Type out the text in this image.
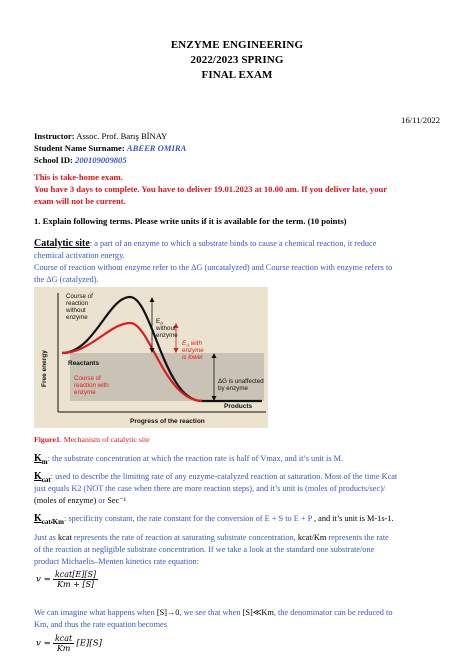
ENZYME ENGINEERING
2022/2023 SPRING
FINAL EXAM
16/11/2022
Instructor: Assoc. Prof. Barış BİNAY
Student Name Surname: ABEER OMIRA
School ID: 200109009805
This is take-home exam.
You have 3 days to complete. You have to deliver 19.01.2023 at 10.00 am. If you deliver late, your
exam will not be current.
1. Explain following terms. Please write units if it is available for the term. (10 points)
Catalytic site: a part of an enzyme to which a substrate binds to cause a chemical reaction, it reduce
chemical activation energy.
Course of reaction without enzyme refer to the ΔG (uncatalyzed) and Course reaction with enzyme refers to
the ΔG (catalyzed).
Course of reaction without enzyme
$E_A$ without enzyme
$E_A$ with enzyme is lower
Reactants
Course of reaction with enzyme
ΔG is unaffected by enzyme
Products
Free energy
Progress of the reaction
Figure1. Mechanism of catalytic site
$K_m$: the substrate concentration at which the reaction rate is half of Vmax, and it’s unit is M.
$K_{cat}$: used to describe the limiting rate of any enzyme-catalyzed reaction at saturation. Most of the time Kcat
just equals K2 (NOT the case when there are more reaction steps), and it’s unit is (moles of products/sec)/
(moles of enzyme) or Sec⁻¹
$K_{cat/Km}$: specificity constant, the rate constant for the conversion of E + S to E + P , and it’s unit is M-1s-1.
Just as kcat represents the rate of reaction at saturating substrate concentration, kcat/Km represents the rate
of the reaction at negligible substrate concentration. If we take a look at the standard one substrate/one
product Michaelis–Menten kinetics rate equation:
$v = \frac{\text{kcat[E][S]}}{Km + [S]}$
We can imagine what happens when [S]→0, we see that when [S]≪Km, the denominator can be reduced to
Km, and thus the rate equation becomes
$v = \frac{\text{kcat}}{Km} [E][S]$
